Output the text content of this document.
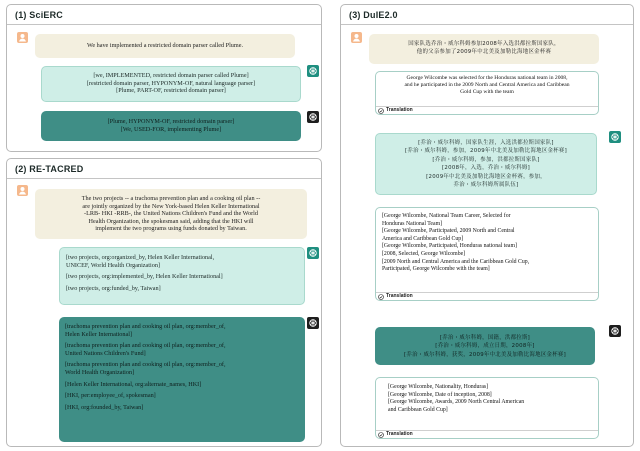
(1) SciERC
We have implemented a restricted domain parser called Plume.
[we, IMPLEMENTED, restricted domain parser called Plume]
[restricted domain parser, HYPONYM-OF, natural language parser]
[Plume, PART-OF, restricted domain parser]
[Plume, HYPONYM-OF, restricted domain parser]
[We, USED-FOR, implementing Plume]
(2) RE-TACRED
The two projects -- a trachoma prevention plan and a cooking oil plan --
are jointly organized by the New York-based Helen Keller International
-LRB- HKI -RRB-, the United Nations Children's Fund and the World
Health Organization, the spokesman said, adding that the HKI will
implement the two programs using funds donated by Taiwan.
[two projects, org:organized_by, Helen Keller International,
UNICEF, World Health Organization]
[two projects, org:implemented_by, Helen Keller International]
[two projects, org:funded_by, Taiwan]
[trachoma prevention plan and cooking oil plan, org:member_of,
Helen Keller International]
[trachoma prevention plan and cooking oil plan, org:member_of,
United Nations Children's Fund]
[trachoma prevention plan and cooking oil plan, org:member_of,
World Health Organization]
[Helen Keller International, org:alternate_names, HKI]
[HKI, per:employee_of, spokesman]
[HKI, org:founded_by, Taiwan]
(3) DuIE2.0
国家队选乔治・威尔科姆参加2008年入选洪都拉斯国家队，
他的父亲参加了2009年中北美及加勒比海地区金杯赛
George Wilcombe was selected for the Honduras national team in 2008,
and he participated in the 2009 North and Central America and Caribbean
Gold Cup with the team
Translation
[乔治・威尔科姆，国家队生涯，入选洪都拉斯国家队]
[乔治・威尔科姆，参加，2009年中北美及加勒比海地区金杯赛]
[乔治・威尔科姆，参加，洪都拉斯国家队]
[2008年，入选，乔治・威尔科姆]
[2009年中北美及加勒比海地区金杯赛，参加，
乔治・威尔科姆所属队伍]
[George Wilcombe, National Team Career, Selected for
Honduras National Team]
[George Wilcombe, Participated, 2009 North and Central
America and Caribbean Gold Cup]
[George Wilcombe, Participated, Honduras national team]
[2008, Selected, George Wilcombe]
[2009 North and Central America and the Caribbean Gold Cup,
Participated, George Wilcombe with the team]
Translation
[乔治・威尔科姆，国籍，洪都拉斯]
[乔治・威尔科姆，成立日期，2008年]
[乔治・威尔科姆，获奖，2009年中北美及加勒比海地区金杯赛]
[George Wilcombe, Nationality, Honduras]
[George Wilcombe, Date of inception, 2008]
[George Wilcombe, Awards, 2009 North Central American
and Caribbean Gold Cup]
Translation
